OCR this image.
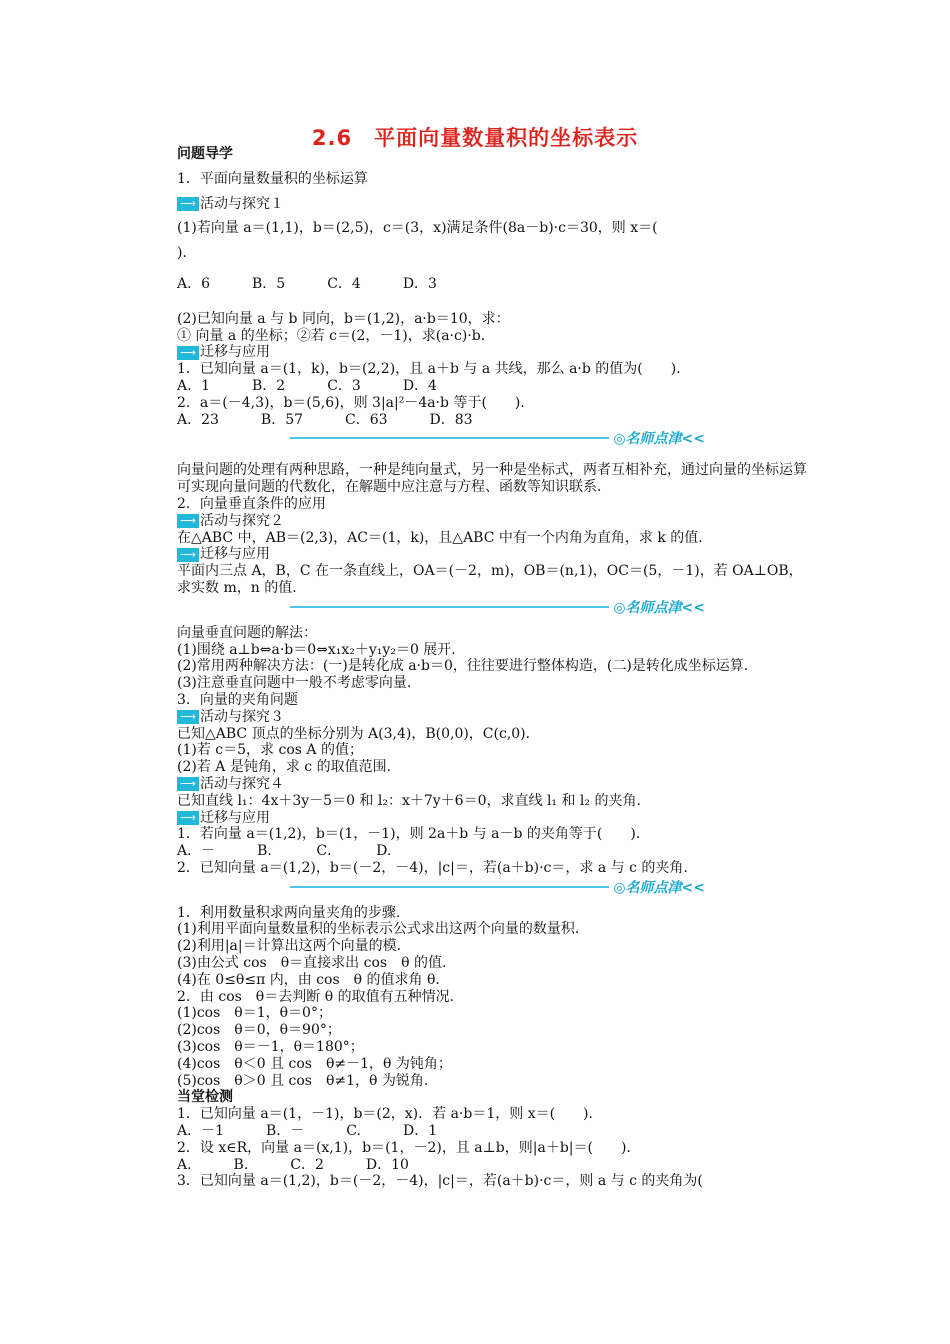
2.6　平面向量数量积的坐标表示
问题导学
1．平面向量数量积的坐标运算
⟶ 活动与探究１
(1)若向量 a＝(1,1)，b＝(2,5)，c＝(3，x)满足条件(8a－b)·c＝30，则 x＝(
)．
A．6　　　B．5　　　C．4　　　D．3
(2)已知向量 a 与 b 同向，b＝(1,2)，a·b＝10，求：
① 向量 a 的坐标；②若 c＝(2，－1)，求(a·c)·b.
⟶ 迁移与应用
1．已知向量 a＝(1，k)，b＝(2,2)，且 a＋b 与 a 共线，那么 a·b 的值为(　　)．
A．1　　　B．2　　　C．3　　　D．4
2．a＝(－4,3)，b＝(5,6)，则 3|a|²－4a·b 等于(　　)．
A．23　　　B．57　　　C．63　　　D．83
◎名师点津<<
向量问题的处理有两种思路，一种是纯向量式，另一种是坐标式，两者互相补充，通过向量的坐标运算可实现向量问题的代数化，在解题中应注意与方程、函数等知识联系.
2．向量垂直条件的应用
⟶ 活动与探究２
在△ABC 中，AB＝(2,3)，AC＝(1，k)，且△ABC 中有一个内角为直角，求 k 的值.
⟶ 迁移与应用
平面内三点 A，B，C 在一条直线上，OA＝(－2，m)，OB＝(n,1)，OC＝(5，－1)，若 OA⊥OB，求实数 m，n 的值.
◎名师点津<<
向量垂直问题的解法：
(1)围绕 a⊥b⇔a·b＝0⇔x₁x₂＋y₁y₂＝0 展开.
(2)常用两种解决方法：(一)是转化成 a·b＝0，往往要进行整体构造，(二)是转化成坐标运算.
(3)注意垂直问题中一般不考虑零向量.
3．向量的夹角问题
⟶ 活动与探究３
已知△ABC 顶点的坐标分别为 A(3,4)，B(0,0)，C(c,0)．
(1)若 c＝5，求 cos A 的值；
(2)若 A 是钝角，求 c 的取值范围.
⟶ 活动与探究４
已知直线 l₁：4x＋3y－5＝0 和 l₂：x＋7y＋6＝0，求直线 l₁ 和 l₂ 的夹角.
⟶ 迁移与应用
1．若向量 a＝(1,2)，b＝(1，－1)，则 2a＋b 与 a－b 的夹角等于(　　)．
A．－　　　B．　　　C．　　　D.
2．已知向量 a＝(1,2)，b＝(－2，－4)，|c|＝，若(a＋b)·c＝，求 a 与 c 的夹角.
◎名师点津<<
1．利用数量积求两向量夹角的步骤.
(1)利用平面向量数量积的坐标表示公式求出这两个向量的数量积.
(2)利用|a|＝计算出这两个向量的模.
(3)由公式 cos　θ＝直接求出 cos　θ 的值.
(4)在 0≤θ≤π 内，由 cos　θ 的值求角 θ.
2．由 cos　θ＝去判断 θ 的取值有五种情况.
(1)cos　θ＝1，θ＝0°；
(2)cos　θ＝0，θ＝90°；
(3)cos　θ＝－1，θ＝180°；
(4)cos　θ＜0 且 cos　θ≠－1，θ 为钝角；
(5)cos　θ＞0 且 cos　θ≠1，θ 为锐角.
当堂检测
1．已知向量 a＝(1，－1)，b＝(2，x)．若 a·b＝1，则 x＝(　　)．
A．－1　　　B．－　　　C.　　　D．1
2．设 x∈R，向量 a＝(x,1)，b＝(1，－2)，且 a⊥b，则|a＋b|＝(　　)．
A.　　　B.　　　C．2　　　D．10
3．已知向量 a＝(1,2)，b＝(－2，－4)，|c|＝，若(a＋b)·c＝，则 a 与 c 的夹角为(
